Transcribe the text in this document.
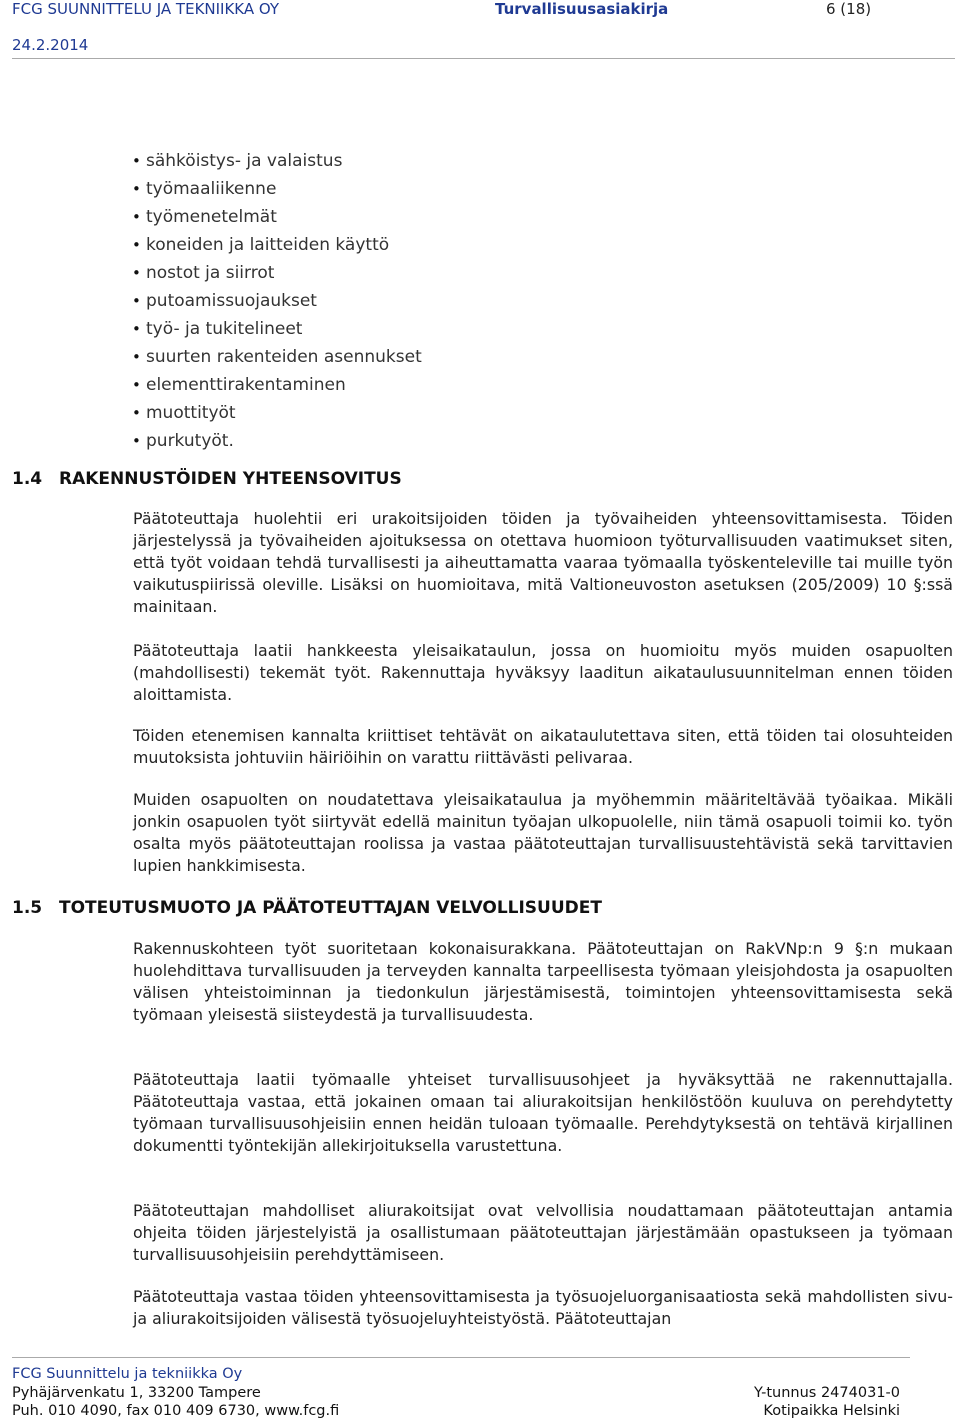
FCG SUUNNITTELU JA TEKNIIKKA OY	Turvallisuusasiakirja	6 (18)
24.2.2014
• sähköistys- ja valaistus
• työmaaliikenne
• työmenetelmät
• koneiden ja laitteiden käyttö
• nostot ja siirrot
• putoamissuojaukset
• työ- ja tukitelineet
• suurten rakenteiden asennukset
• elementtirakentaminen
• muottityöt
• purkutyöt.
1.4 RAKENNUSTÖIDEN YHTEENSOVITUS

Päätoteuttaja huolehtii eri urakoitsijoiden töiden ja työvaiheiden yhteensovittamisesta. Töiden järjestelyssä ja työvaiheiden ajoituksessa on otettava huomioon työturvallisuuden vaatimukset siten, että työt voidaan tehdä turvallisesti ja aiheuttamatta vaaraa työmaalla työskenteleville tai muille työn vaikutuspiirissä oleville. Lisäksi on huomioitava, mitä Valtioneuvoston asetuksen (205/2009) 10 §:ssä mainitaan.

Päätoteuttaja laatii hankkeesta yleisaikataulun, jossa on huomioitu myös muiden osapuolten (mahdollisesti) tekemät työt. Rakennuttaja hyväksyy laaditun aikataulusuunnitelman ennen töiden aloittamista.

Töiden etenemisen kannalta kriittiset tehtävät on aikataulutettava siten, että töiden tai olosuhteiden muutoksista johtuviin häiriöihin on varattu riittävästi pelivaraa.

Muiden osapuolten on noudatettava yleisaikataulua ja myöhemmin määriteltävää työaikaa. Mikäli jonkin osapuolen työt siirtyvät edellä mainitun työajan ulkopuolelle, niin tämä osapuoli toimii ko. työn osalta myös päätoteuttajan roolissa ja vastaa päätoteuttajan turvallisuustehtävistä sekä tarvittavien lupien hankkimisesta.

1.5 TOTEUTUSMUOTO JA PÄÄTOTEUTTAJAN VELVOLLISUUDET

Rakennuskohteen työt suoritetaan kokonaisurakkana. Päätoteuttajan on RakVNp:n 9 §:n mukaan huolehdittava turvallisuuden ja terveyden kannalta tarpeellisesta työmaan yleisjohdosta ja osapuolten välisen yhteistoiminnan ja tiedonkulun järjestämisestä, toimintojen yhteensovittamisesta sekä työmaan yleisestä siisteydestä ja turvallisuudesta.

Päätoteuttaja laatii työmaalle yhteiset turvallisuusohjeet ja hyväksyttää ne rakennuttajalla. Päätoteuttaja vastaa, että jokainen omaan tai aliurakoitsijan henkilöstöön kuuluva on perehdytetty työmaan turvallisuusohjeisiin ennen heidän tuloaan työmaalle. Perehdytyksestä on tehtävä kirjallinen dokumentti työntekijän allekirjoituksella varustettuna.

Päätoteuttajan mahdolliset aliurakoitsijat ovat velvollisia noudattamaan päätoteuttajan antamia ohjeita töiden järjestelyistä ja osallistumaan päätoteuttajan järjestämään opastukseen ja työmaan turvallisuusohjeisiin perehdyttämiseen.

Päätoteuttaja vastaa töiden yhteensovittamisesta ja työsuojeluorganisaatiosta sekä mahdollisten sivu- ja aliurakoitsijoiden välisestä työsuojeluyhteistyöstä. Päätoteuttajan

FCG Suunnittelu ja tekniikka Oy
Pyhäjärvenkatu 1, 33200 Tampere
Puh. 010 4090, fax 010 409 6730, www.fcg.fi
Y-tunnus 2474031-0
Kotipaikka Helsinki
